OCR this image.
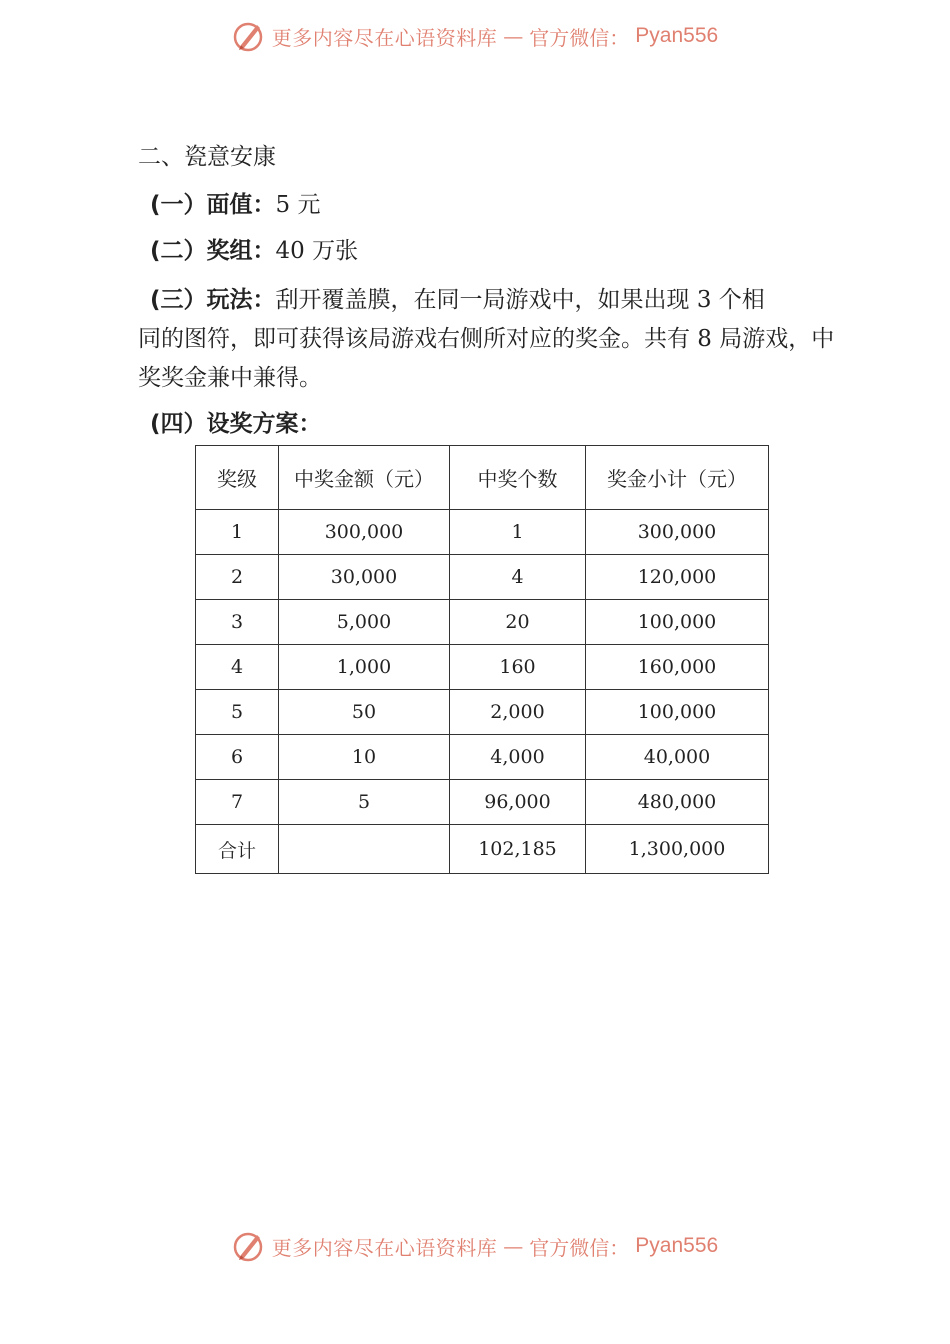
更多内容尽在心语资料库 — 官方微信： Pyan556
二、瓷意安康
(一）面值：5 元
(二）奖组：40 万张
(三）玩法：刮开覆盖膜，在同一局游戏中，如果出现 3 个相
同的图符，即可获得该局游戏右侧所对应的奖金。共有 8 局游戏，中奖奖金兼中兼得。
(四）设奖方案：
奖级	中奖金额（元）	中奖个数	奖金小计（元）
1	300,000	1	300,000
2	30,000	4	120,000
3	5,000	20	100,000
4	1,000	160	160,000
5	50	2,000	100,000
6	10	4,000	40,000
7	5	96,000	480,000
合计		102,185	1,300,000
更多内容尽在心语资料库 — 官方微信： Pyan556
